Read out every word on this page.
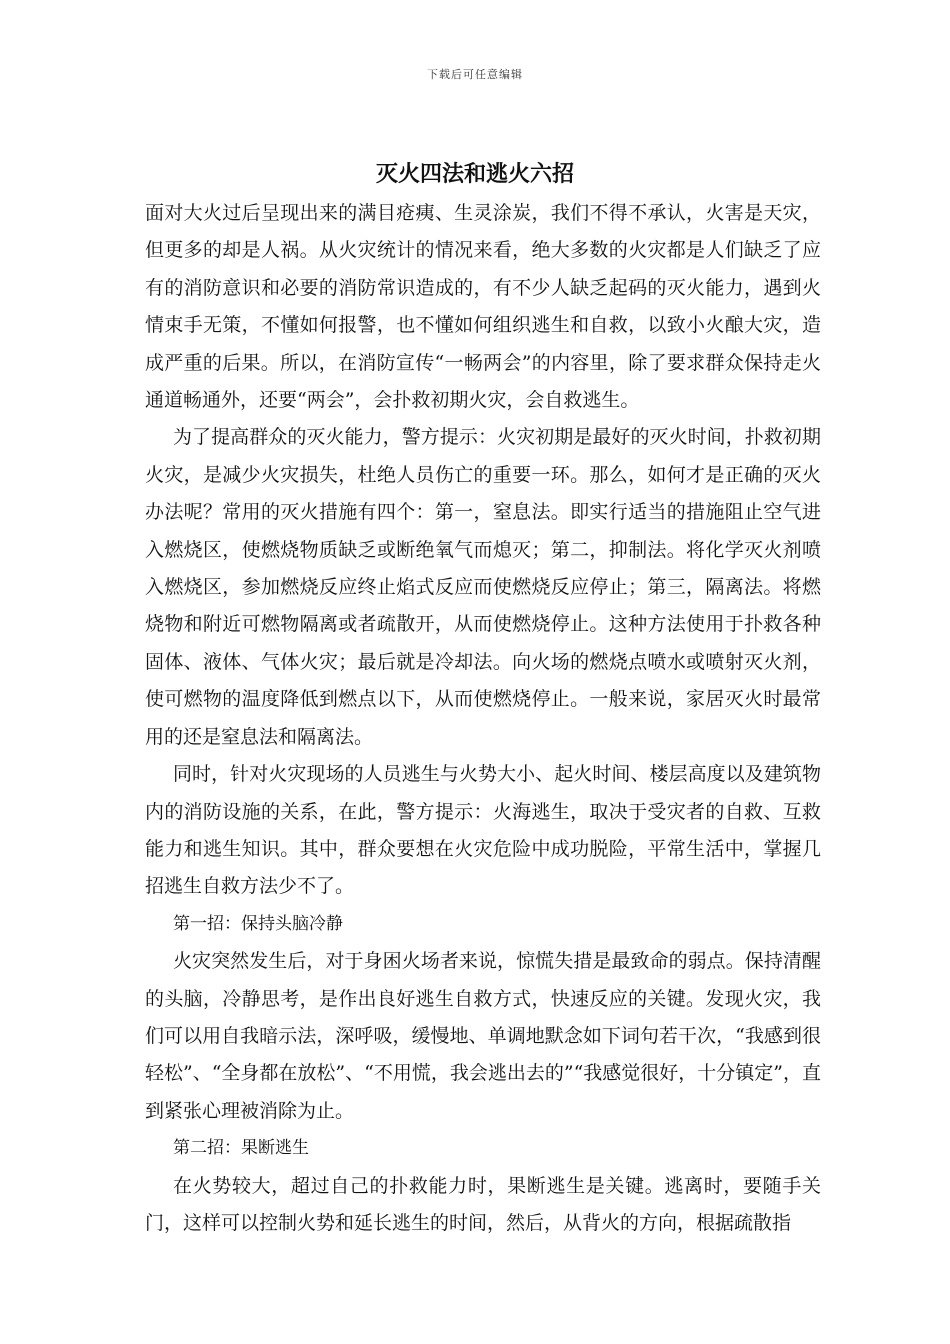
下载后可任意编辑
灭火四法和逃火六招

面对大火过后呈现出来的满目疮痍、生灵涂炭，我们不得不承认，火害是天灾，但更多的却是人祸。从火灾统计的情况来看，绝大多数的火灾都是人们缺乏了应有的消防意识和必要的消防常识造成的，有不少人缺乏起码的灭火能力，遇到火情束手无策，不懂如何报警，也不懂如何组织逃生和自救，以致小火酿大灾，造成严重的后果。所以，在消防宣传“一畅两会”的内容里，除了要求群众保持走火通道畅通外，还要“两会”，会扑救初期火灾，会自救逃生。

为了提高群众的灭火能力，警方提示：火灾初期是最好的灭火时间，扑救初期火灾，是减少火灾损失，杜绝人员伤亡的重要一环。那么，如何才是正确的灭火办法呢？常用的灭火措施有四个：第一，窒息法。即实行适当的措施阻止空气进入燃烧区，使燃烧物质缺乏或断绝氧气而熄灭；第二，抑制法。将化学灭火剂喷入燃烧区，参加燃烧反应终止焰式反应而使燃烧反应停止；第三，隔离法。将燃烧物和附近可燃物隔离或者疏散开，从而使燃烧停止。这种方法使用于扑救各种固体、液体、气体火灾；最后就是冷却法。向火场的燃烧点喷水或喷射灭火剂，使可燃物的温度降低到燃点以下，从而使燃烧停止。一般来说，家居灭火时最常用的还是窒息法和隔离法。

同时，针对火灾现场的人员逃生与火势大小、起火时间、楼层高度以及建筑物内的消防设施的关系，在此，警方提示：火海逃生，取决于受灾者的自救、互救能力和逃生知识。其中，群众要想在火灾危险中成功脱险，平常生活中，掌握几招逃生自救方法少不了。

第一招：保持头脑冷静

火灾突然发生后，对于身困火场者来说，惊慌失措是最致命的弱点。保持清醒的头脑，冷静思考，是作出良好逃生自救方式，快速反应的关键。发现火灾，我们可以用自我暗示法，深呼吸，缓慢地、单调地默念如下词句若干次，“我感到很轻松”、“全身都在放松”、“不用慌，我会逃出去的”“我感觉很好，十分镇定”，直到紧张心理被消除为止。

第二招：果断逃生

在火势较大，超过自己的扑救能力时，果断逃生是关键。逃离时，要随手关门，这样可以控制火势和延长逃生的时间，然后，从背火的方向，根据疏散指
